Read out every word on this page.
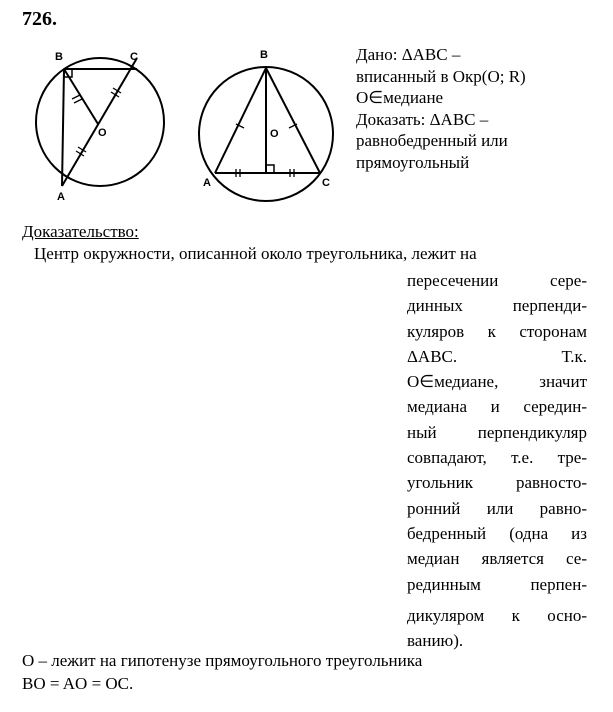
726.
B	C
O
A
B
O
A	C
Дано: ΔABC –
вписанный в Окр(O; R)
O∈медиане
Доказать: ΔABC –
равнобедренный или
прямоугольный
Доказательство:
Центр окружности, описанной около треугольника, лежит на
пересечении сере-
динных перпенди-
куляров к сторонам
ΔABC. Т.к.
O∈медиане, значит
медиана и середин-
ный перпендикуляр
совпадают, т.е. тре-
угольник равносто-
ронний или равно-
бедренный (одна из
медиан является се-
рединным перпен-
дикуляром к осно-
ванию).
O – лежит на гипотенузе прямоугольного треугольника
BO = AO = OC.
